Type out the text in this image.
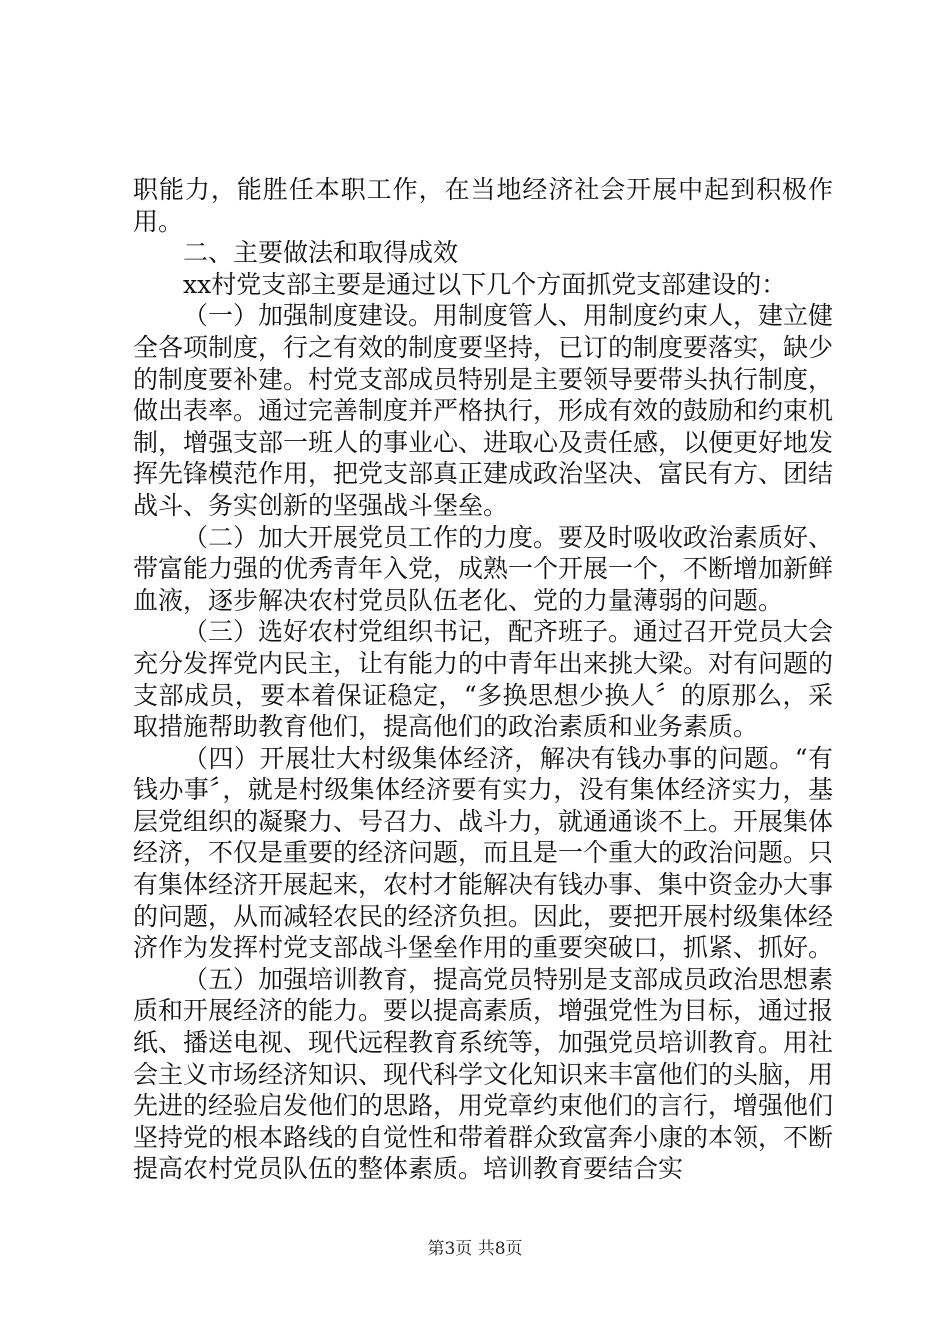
职能力，能胜任本职工作，在当地经济社会开展中起到积极作用。

二、主要做法和取得成效

xx村党支部主要是通过以下几个方面抓党支部建设的：

（一）加强制度建设。用制度管人、用制度约束人，建立健全各项制度，行之有效的制度要坚持，已订的制度要落实，缺少的制度要补建。村党支部成员特别是主要领导要带头执行制度，做出表率。通过完善制度并严格执行，形成有效的鼓励和约束机制，增强支部一班人的事业心、进取心及责任感，以便更好地发挥先锋模范作用，把党支部真正建成政治坚决、富民有方、团结战斗、务实创新的坚强战斗堡垒。

（二）加大开展党员工作的力度。要及时吸收政治素质好、带富能力强的优秀青年入党，成熟一个开展一个，不断增加新鲜血液，逐步解决农村党员队伍老化、党的力量薄弱的问题。

（三）选好农村党组织书记，配齐班子。通过召开党员大会充分发挥党内民主，让有能力的中青年出来挑大梁。对有问题的支部成员，要本着保证稳定，“多换思想少换人〞的原那么，采取措施帮助教育他们，提高他们的政治素质和业务素质。

（四）开展壮大村级集体经济，解决有钱办事的问题。“有钱办事〞，就是村级集体经济要有实力，没有集体经济实力，基层党组织的凝聚力、号召力、战斗力，就通通谈不上。开展集体经济，不仅是重要的经济问题，而且是一个重大的政治问题。只有集体经济开展起来，农村才能解决有钱办事、集中资金办大事的问题，从而减轻农民的经济负担。因此，要把开展村级集体经济作为发挥村党支部战斗堡垒作用的重要突破口，抓紧、抓好。

（五）加强培训教育，提高党员特别是支部成员政治思想素质和开展经济的能力。要以提高素质，增强党性为目标，通过报纸、播送电视、现代远程教育系统等，加强党员培训教育。用社会主义市场经济知识、现代科学文化知识来丰富他们的头脑，用先进的经验启发他们的思路，用党章约束他们的言行，增强他们坚持党的根本路线的自觉性和带着群众致富奔小康的本领，不断提高农村党员队伍的整体素质。培训教育要结合实

第3页 共8页
